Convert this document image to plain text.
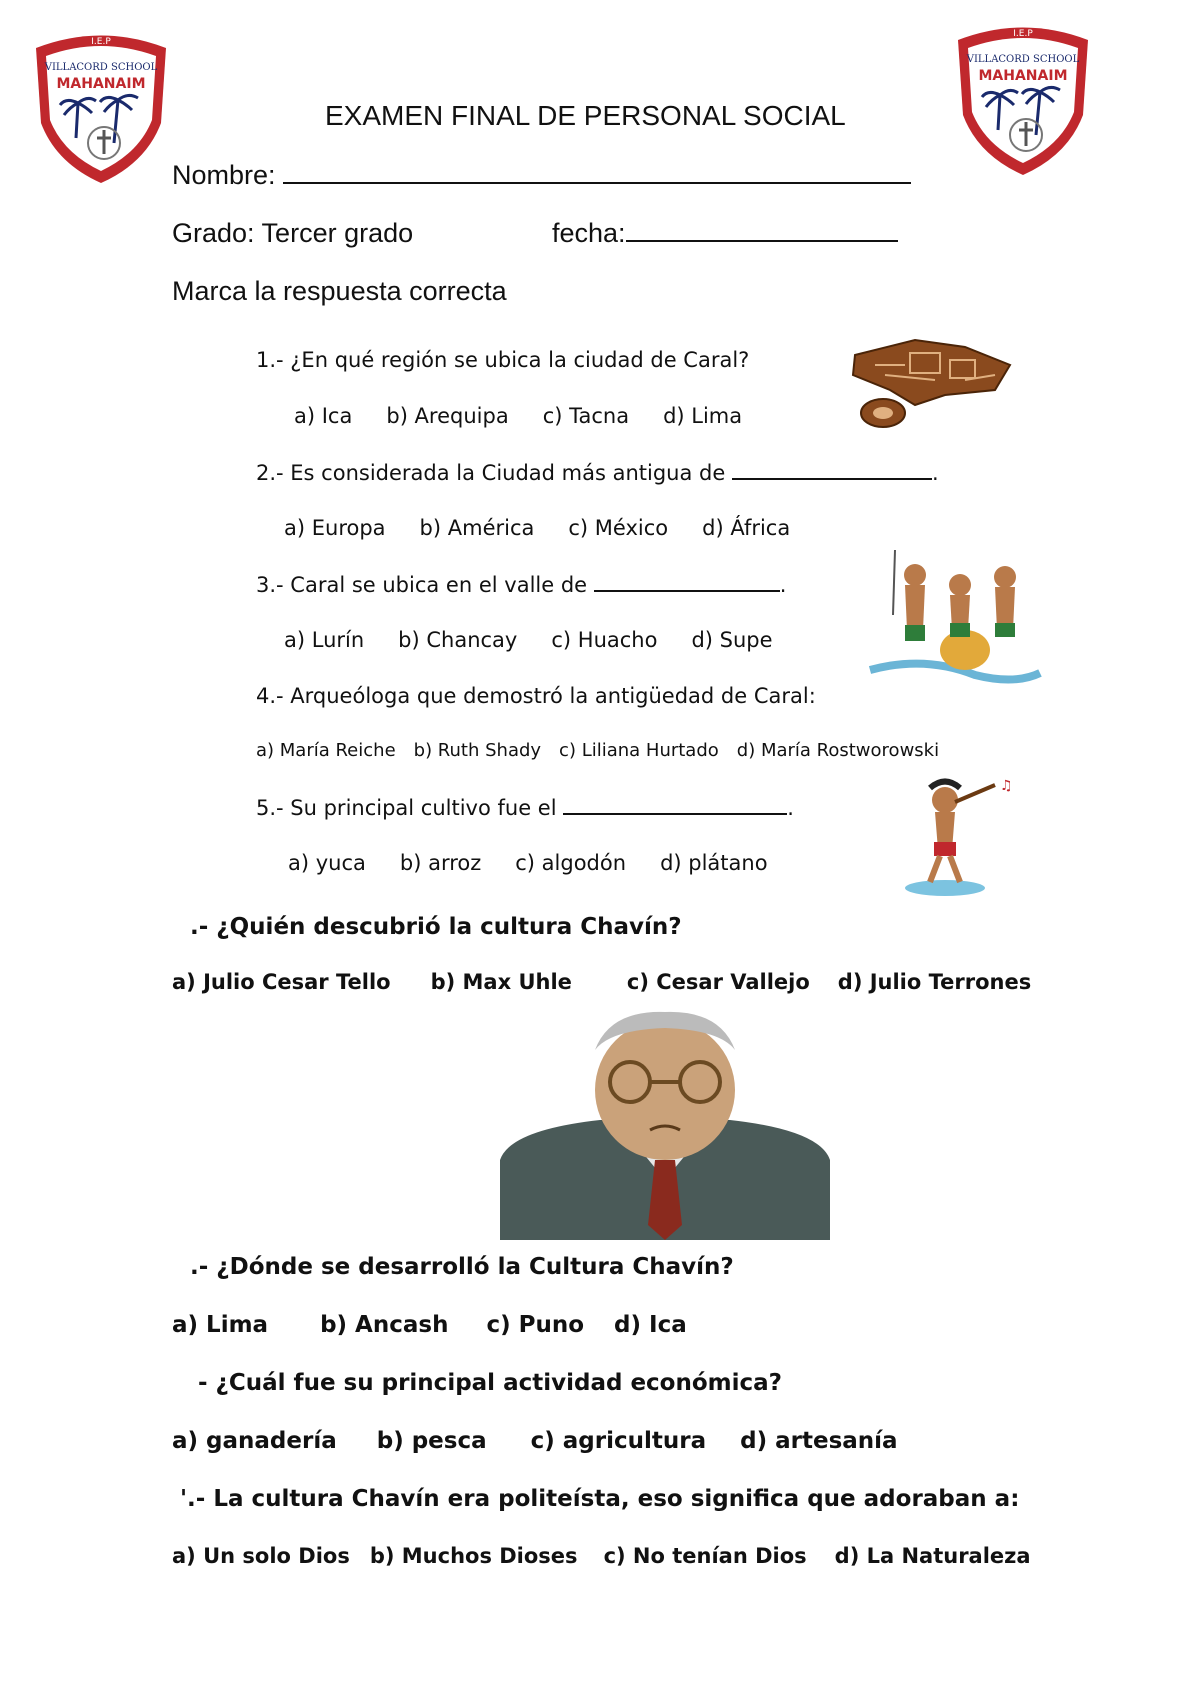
VILLACORD SCHOOL
MAHANAIM
I.E.P
VILLACORD SCHOOL
MAHANAIM
I.E.P
EXAMEN FINAL DE PERSONAL SOCIAL
Nombre:
Grado: Tercer grado	fecha:
Marca la respuesta correcta
1.- ¿En qué región se ubica la ciudad de Caral?
a) Ica b) Arequipa c) Tacna d) Lima
2.- Es considerada la Ciudad más antigua de	.
a) Europa b) América c) México d) África
3.- Caral se ubica en el valle de	.
a) Lurín b) Chancay c) Huacho d) Supe
4.- Arqueóloga que demostró la antigüedad de Caral:
a) María Reiche b) Ruth Shady c) Liliana Hurtado d) María Rostworowski
5.- Su principal cultivo fue el	.
a) yuca b) arroz c) algodón d) plátano
♫
.- ¿Quién descubrió la cultura Chavín?
a) Julio Cesar Tello b) Max Uhle	c) Cesar Vallejo d) Julio Terrones
.- ¿Dónde se desarrolló la Cultura Chavín?
a) Lima b) Ancash c) Puno d) Ica
- ¿Cuál fue su principal actividad económica?
a) ganadería b) pesca c) agricultura d) artesanía
'.- La cultura Chavín era politeísta, eso significa que adoraban a:
a) Un solo Dios b) Muchos Dioses c) No tenían Dios d) La Naturaleza
